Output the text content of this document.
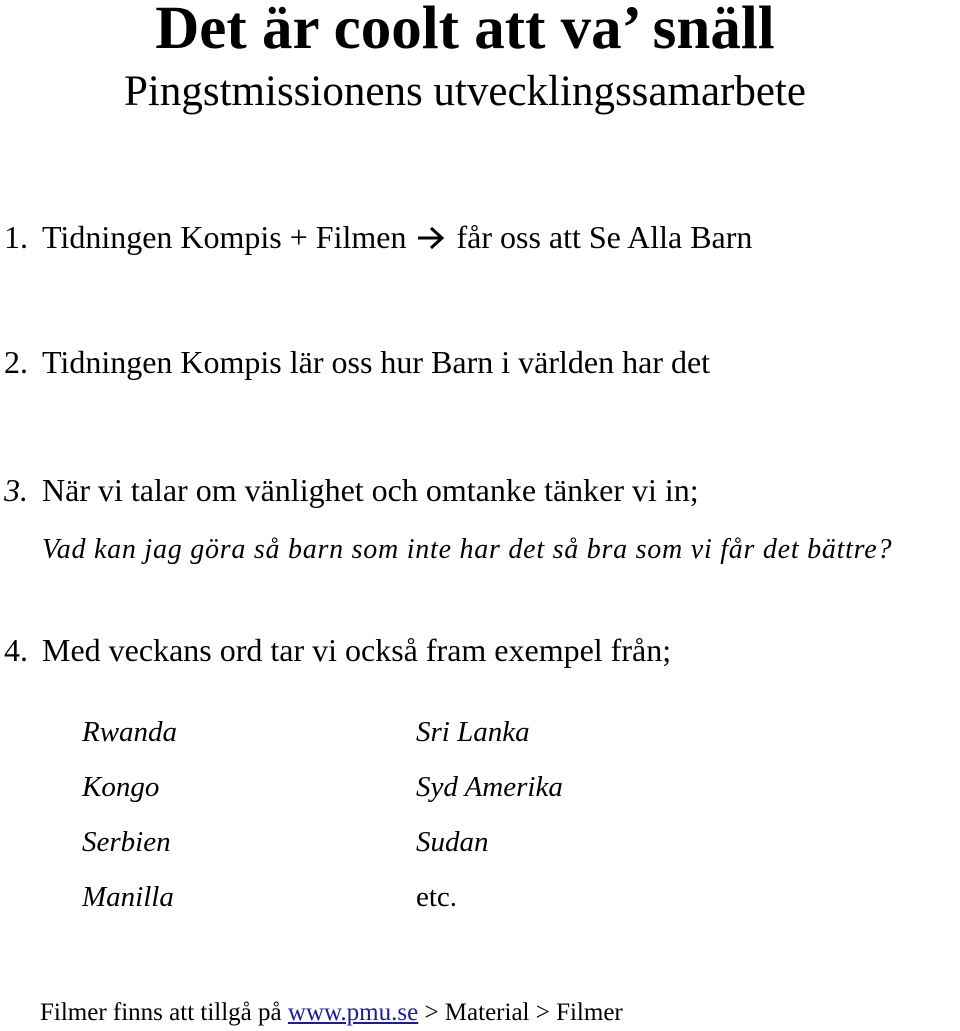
Det är coolt att va’ snäll
Pingstmissionens utvecklingssamarbete
1. Tidningen Kompis + Filmen får oss att Se Alla Barn
2. Tidningen Kompis lär oss hur Barn i världen har det
3. När vi talar om vänlighet och omtanke tänker vi in;
Vad kan jag göra så barn som inte har det så bra som vi får det bättre?
4. Med veckans ord tar vi också fram exempel från;
Rwanda
Kongo
Serbien
Manilla
Sri Lanka
Syd Amerika
Sudan
etc.
Filmer finns att tillgå på www.pmu.se > Material > Filmer
